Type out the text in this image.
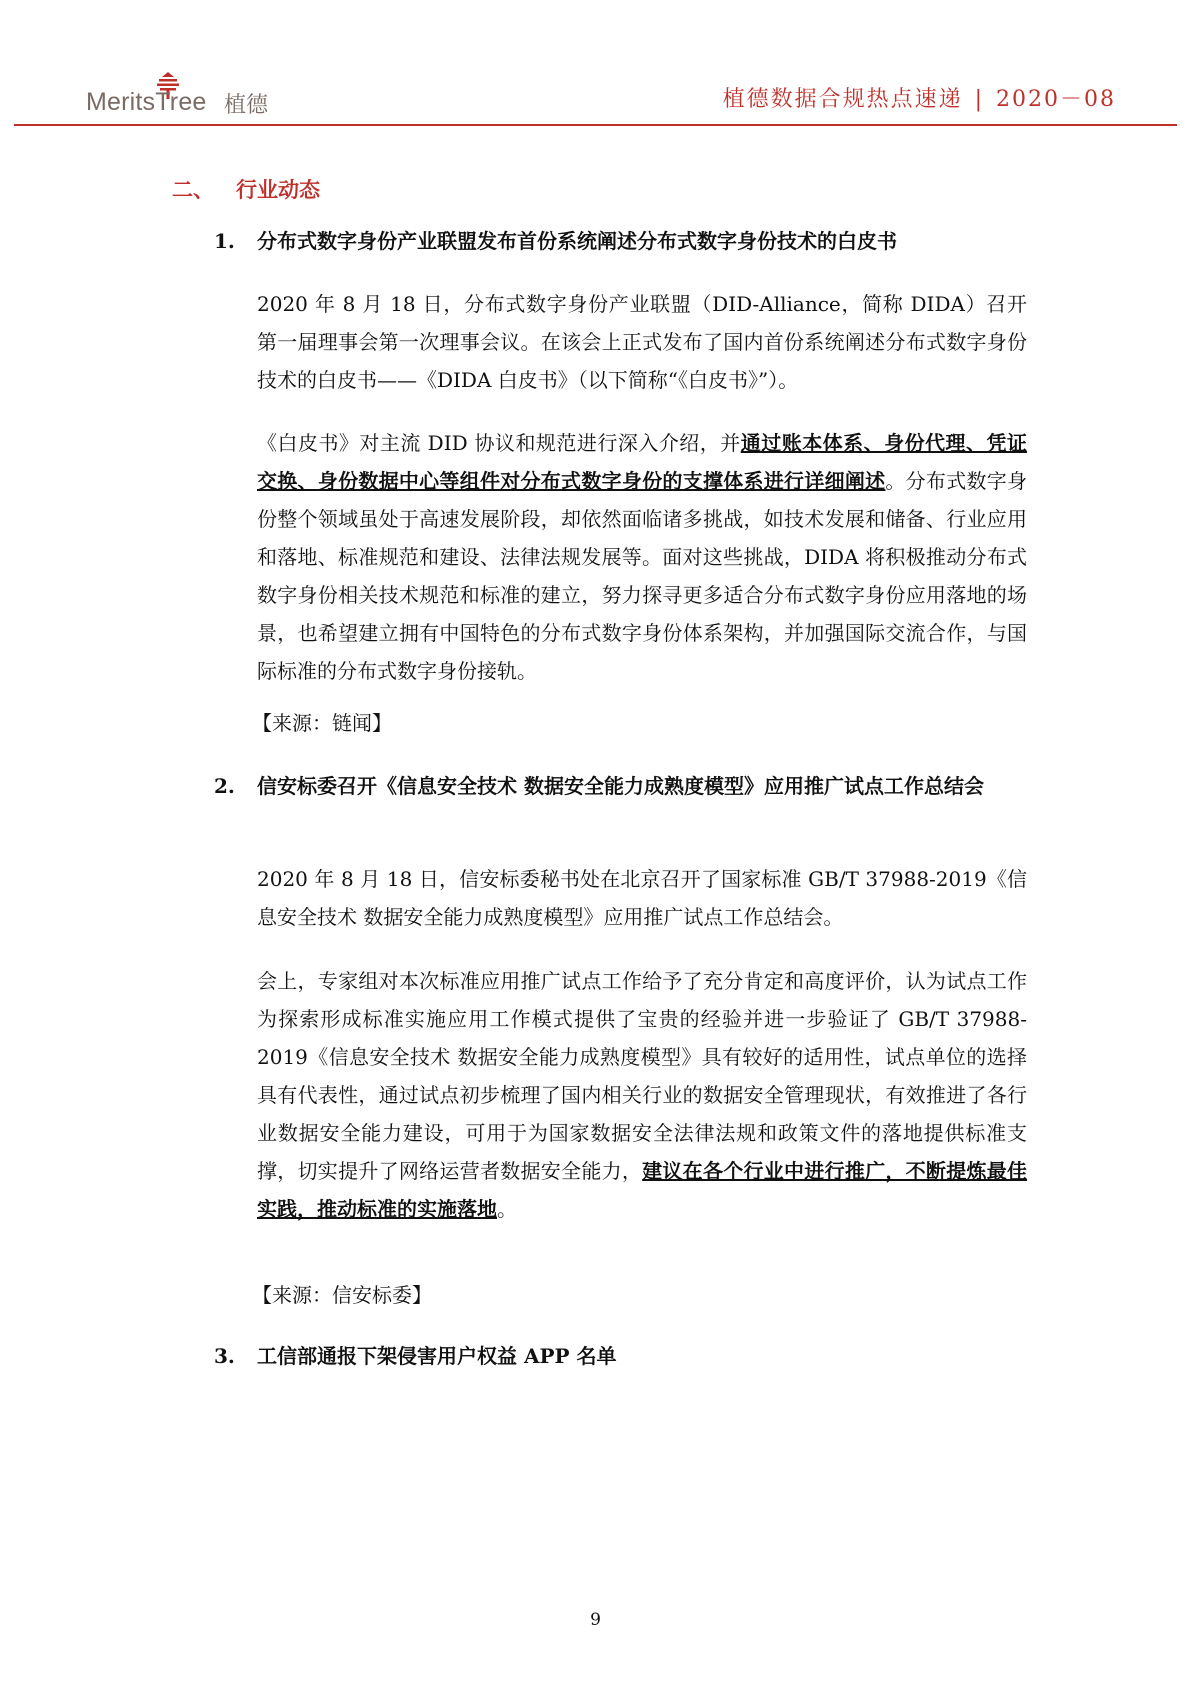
MeritsTree 植德	植德数据合规热点速递 | 2020－08
二、 行业动态
1. 分布式数字身份产业联盟发布首份系统阐述分布式数字身份技术的白皮书
2020 年 8 月 18 日，分布式数字身份产业联盟（DID-Alliance，简称 DIDA）召开第一届理事会第一次理事会议。在该会上正式发布了国内首份系统阐述分布式数字身份技术的白皮书——《DIDA 白皮书》（以下简称“《白皮书》”）。
《白皮书》对主流 DID 协议和规范进行深入介绍，并通过账本体系、身份代理、凭证交换、身份数据中心等组件对分布式数字身份的支撑体系进行详细阐述。分布式数字身份整个领域虽处于高速发展阶段，却依然面临诸多挑战，如技术发展和储备、行业应用和落地、标准规范和建设、法律法规发展等。面对这些挑战，DIDA 将积极推动分布式数字身份相关技术规范和标准的建立，努力探寻更多适合分布式数字身份应用落地的场景，也希望建立拥有中国特色的分布式数字身份体系架构，并加强国际交流合作，与国际标准的分布式数字身份接轨。
【来源：链闻】
2. 信安标委召开《信息安全技术 数据安全能力成熟度模型》应用推广试点工作总结会
2020 年 8 月 18 日，信安标委秘书处在北京召开了国家标准 GB/T 37988-2019《信息安全技术 数据安全能力成熟度模型》应用推广试点工作总结会。
会上，专家组对本次标准应用推广试点工作给予了充分肯定和高度评价，认为试点工作为探索形成标准实施应用工作模式提供了宝贵的经验并进一步验证了 GB/T 37988-2019《信息安全技术 数据安全能力成熟度模型》具有较好的适用性，试点单位的选择具有代表性，通过试点初步梳理了国内相关行业的数据安全管理现状，有效推进了各行业数据安全能力建设，可用于为国家数据安全法律法规和政策文件的落地提供标准支撑，切实提升了网络运营者数据安全能力，建议在各个行业中进行推广，不断提炼最佳实践，推动标准的实施落地。
【来源：信安标委】
3. 工信部通报下架侵害用户权益 APP 名单
9
